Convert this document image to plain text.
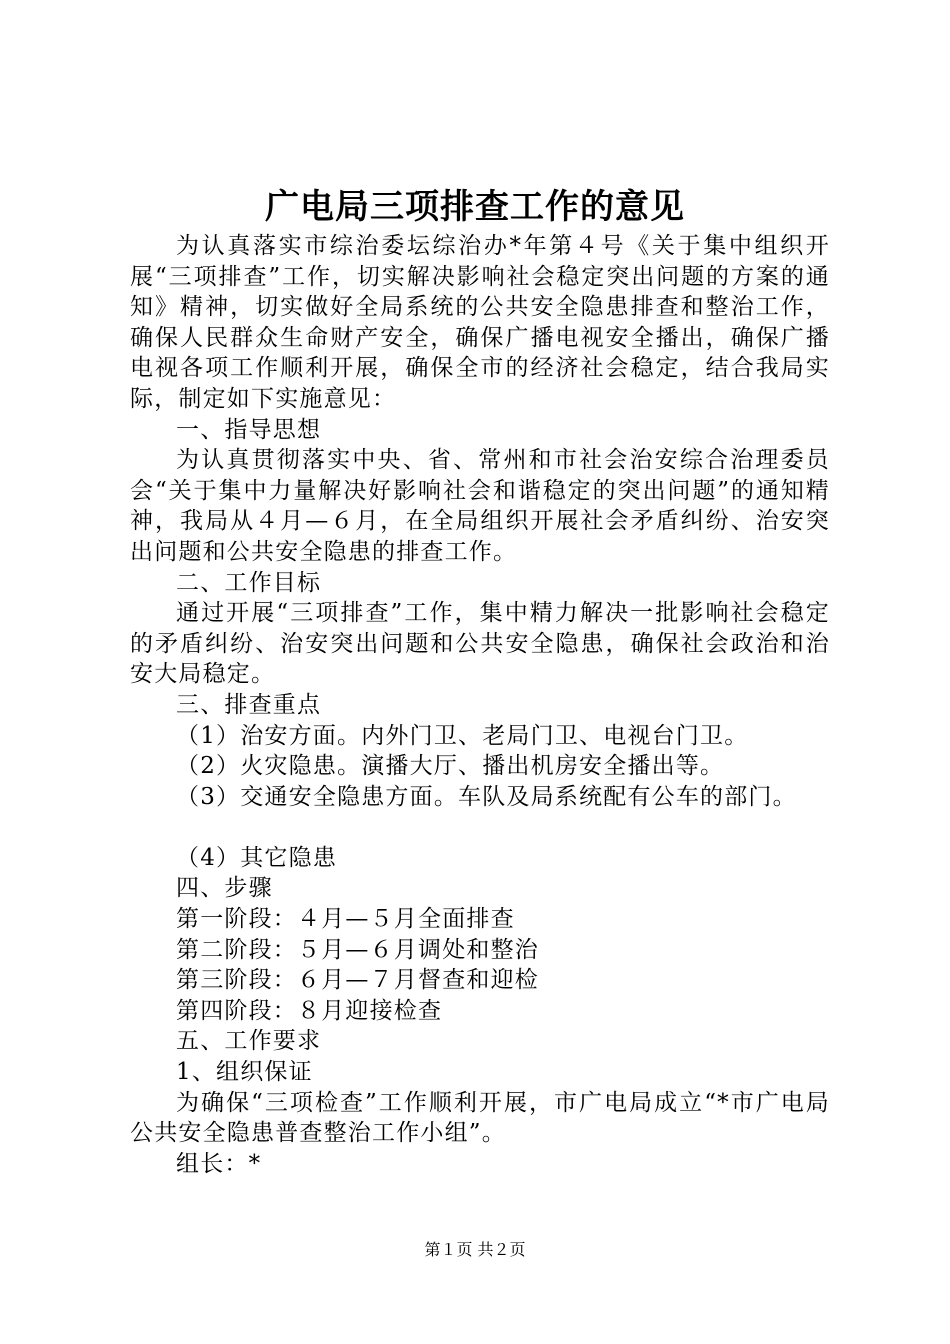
广电局三项排查工作的意见

为认真落实市综治委坛综治办*年第４号《关于集中组织开展“三项排查”工作，切实解决影响社会稳定突出问题的方案的通知》精神，切实做好全局系统的公共安全隐患排查和整治工作，确保人民群众生命财产安全，确保广播电视安全播出，确保广播电视各项工作顺利开展，确保全市的经济社会稳定，结合我局实际，制定如下实施意见：

一、指导思想

为认真贯彻落实中央、省、常州和市社会治安综合治理委员会“关于集中力量解决好影响社会和谐稳定的突出问题”的通知精神，我局从４月—６月，在全局组织开展社会矛盾纠纷、治安突出问题和公共安全隐患的排查工作。

二、工作目标

通过开展“三项排查”工作，集中精力解决一批影响社会稳定的矛盾纠纷、治安突出问题和公共安全隐患，确保社会政治和治安大局稳定。

三、排查重点

（1）治安方面。内外门卫、老局门卫、电视台门卫。

（2）火灾隐患。演播大厅、播出机房安全播出等。

（3）交通安全隐患方面。车队及局系统配有公车的部门。

（4）其它隐患

四、步骤

第一阶段：４月—５月全面排查

第二阶段：５月—６月调处和整治

第三阶段：６月—７月督查和迎检

第四阶段：８月迎接检查

五、工作要求

1、组织保证

为确保“三项检查”工作顺利开展，市广电局成立“*市广电局公共安全隐患普查整治工作小组”。

组长：*

第１页 共２页
